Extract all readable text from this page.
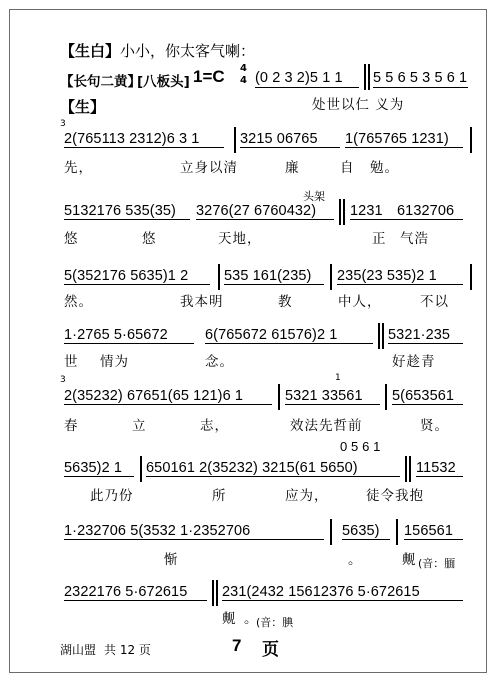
【生白】 小小，你太客气喇：
【长句二黄】
[八板头] 1=C 4
4 (0 2 3 2)5 1 1 5 5 6 5 3 5 6 1
【生】	处世以仁 义为
3
2(765113 2312)6 3 1	3215 06765 1(765765 1231)
先，	立身以清	廉	自 勉。
头架
5132176 535(35) 3276(27 6760432) 1231 6132706
悠	悠	天地，	正 气浩
5(352176 5635)1 2 535 161(235) 235(23 535)2 1
然。	我本明	教	中人，	不以
1·2765 5·65672	6(765672 61576)2 1	5321·235
世 情为	念。	好趁青
3	1
2(35232) 67651(65 121)6 1	5321 33561 5(653561
春	立	志，	效法先哲前	贤。
0 5 6 1
5635)2 1 650161 2(35232) 3215(61 5650)	11532
此乃份	所	应为，	徒令我抱
1·232706 5(3532 1·2352706	5635) 156561
惭	。	觍 (音：腼
2322176 5·672615 231(2432 15612376 5·672615
觍 。
(音：腆
湖山盟 共 12 页	7 页
